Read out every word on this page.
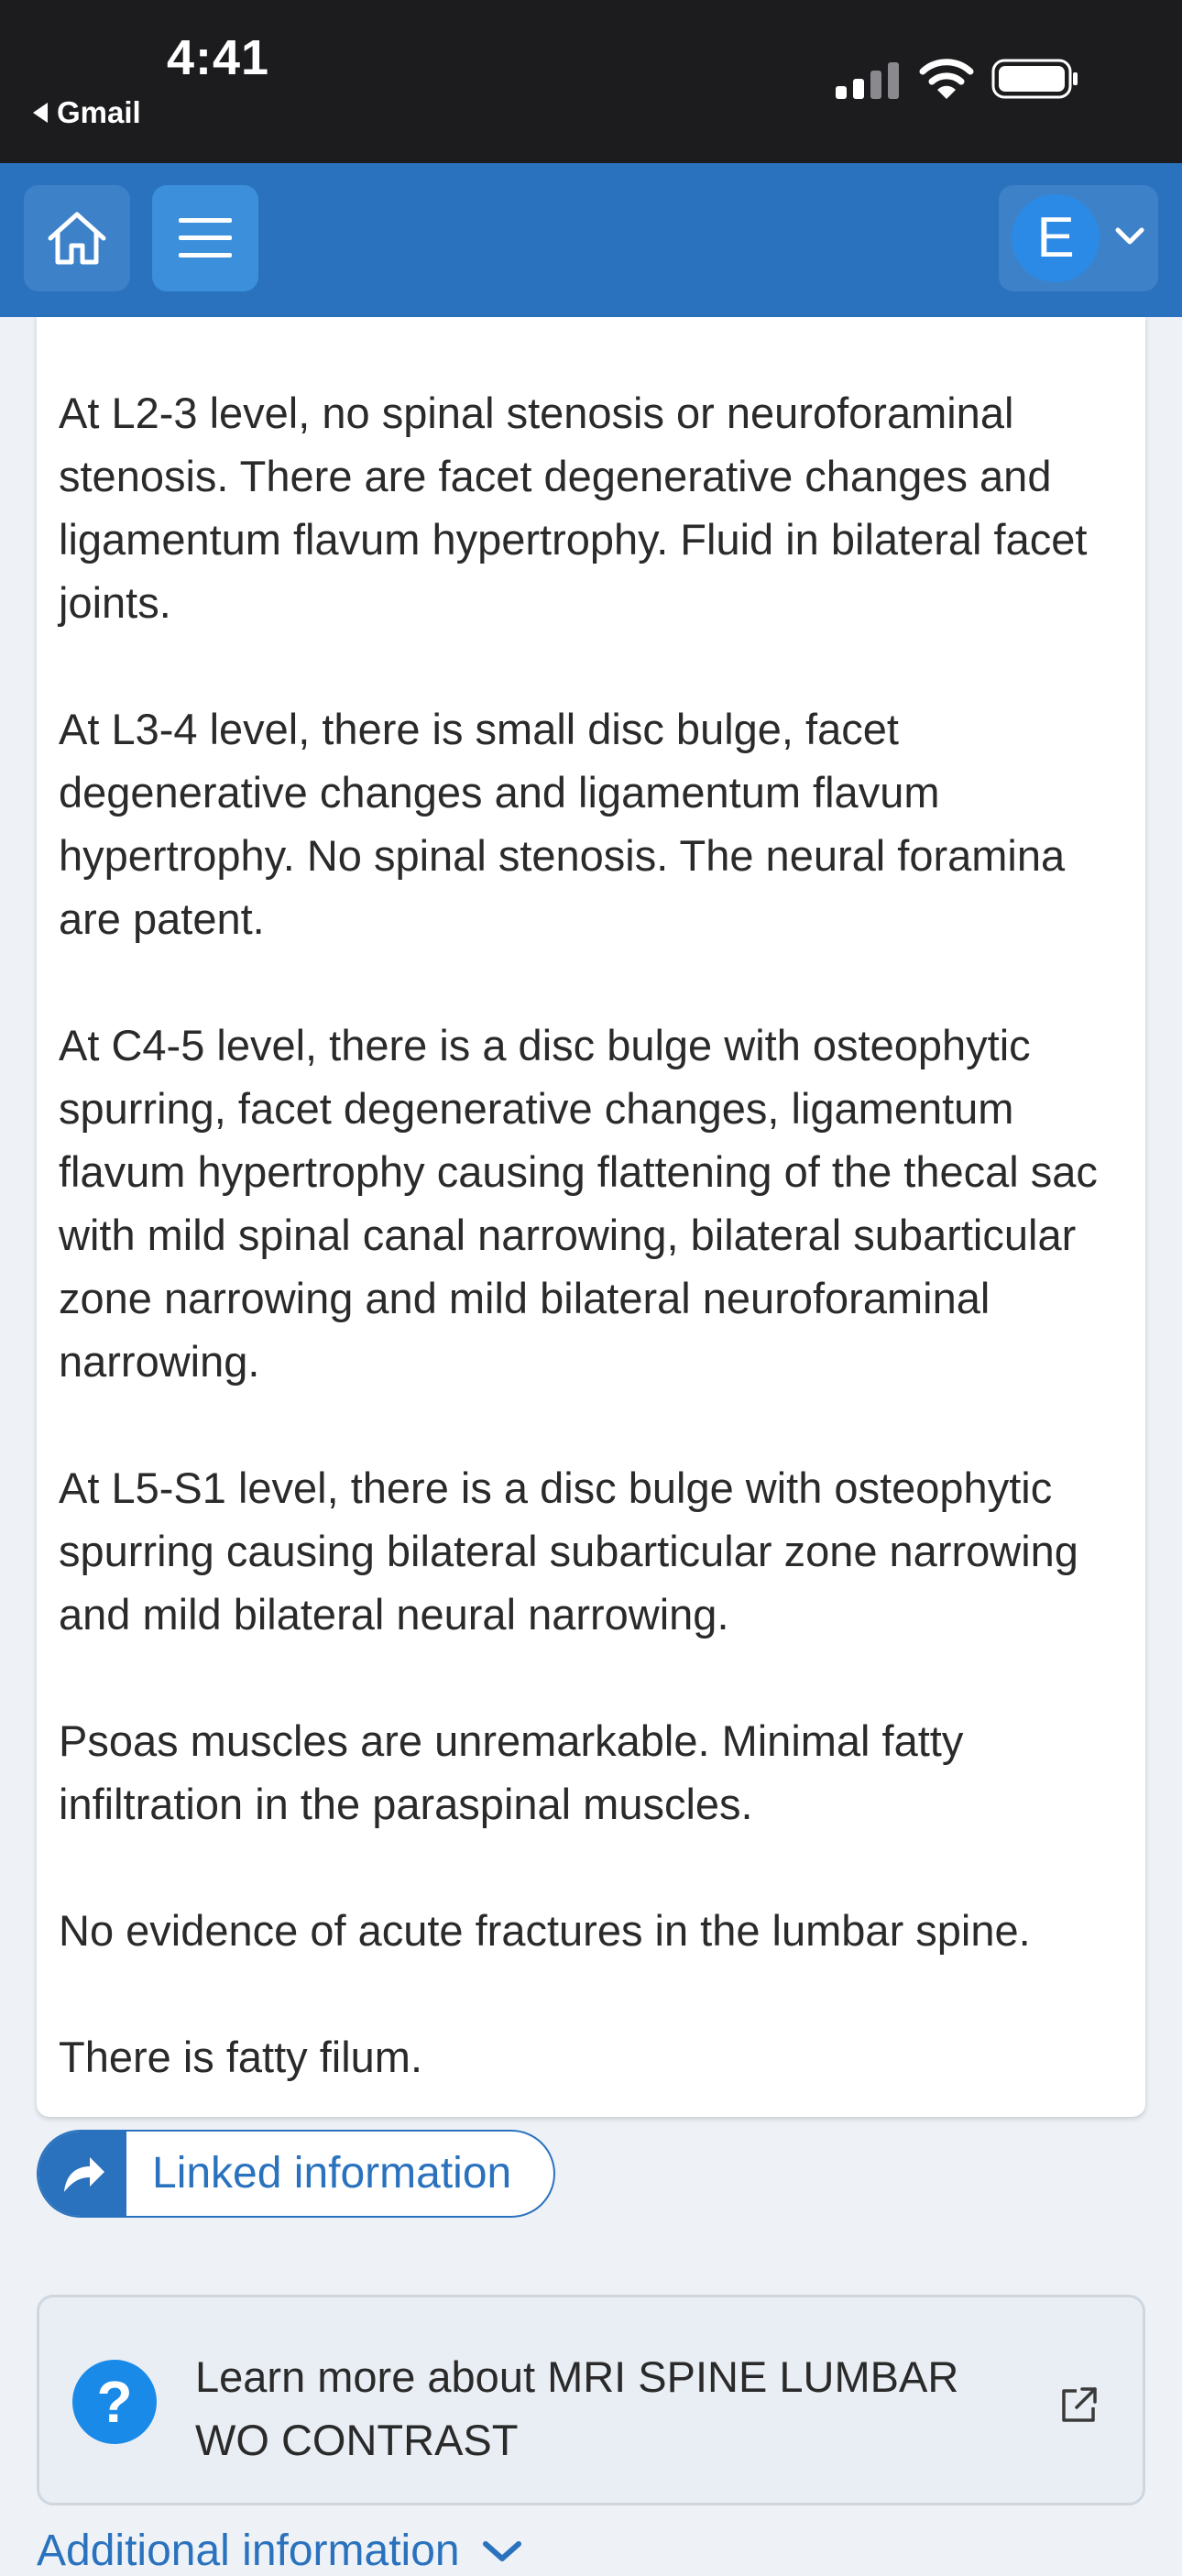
4:41
Gmail
E

At L2-3 level, no spinal stenosis or neuroforaminal stenosis. There are facet degenerative changes and ligamentum flavum hypertrophy. Fluid in bilateral facet joints.

At L3-4 level, there is small disc bulge, facet degenerative changes and ligamentum flavum hypertrophy. No spinal stenosis. The neural foramina are patent.

At C4-5 level, there is a disc bulge with osteophytic spurring, facet degenerative changes, ligamentum flavum hypertrophy causing flattening of the thecal sac with mild spinal canal narrowing, bilateral subarticular zone narrowing and mild bilateral neuroforaminal narrowing.

At L5-S1 level, there is a disc bulge with osteophytic spurring causing bilateral subarticular zone narrowing and mild bilateral neural narrowing.

Psoas muscles are unremarkable. Minimal fatty infiltration in the paraspinal muscles.

No evidence of acute fractures in the lumbar spine.

There is fatty filum.

Linked information
?	Learn more about MRI SPINE LUMBAR WO CONTRAST
Additional information
